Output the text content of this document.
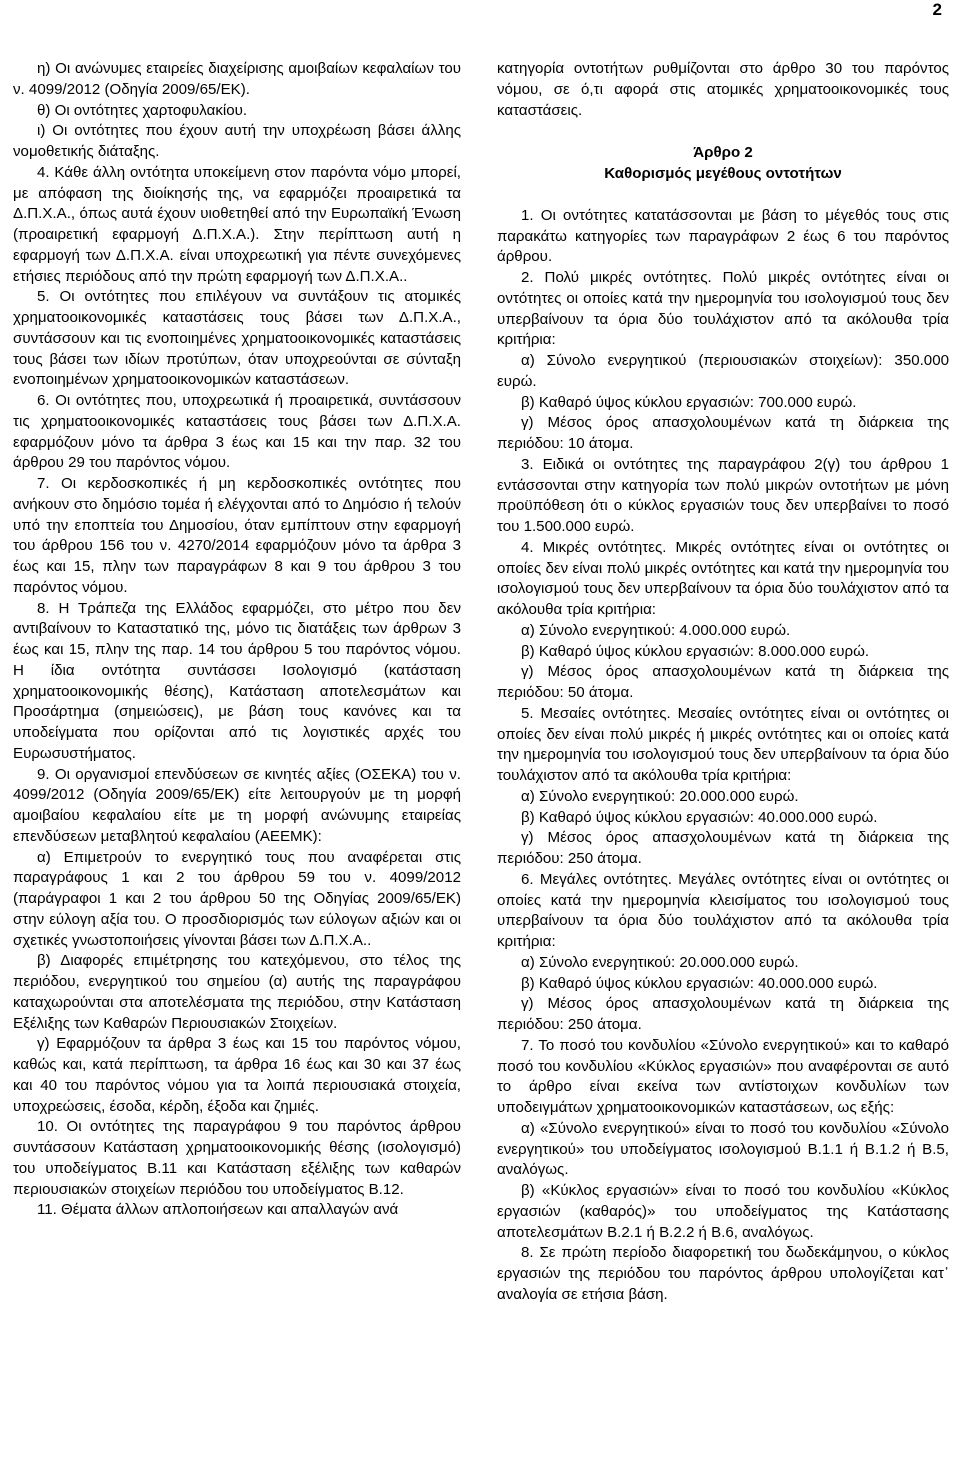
2

η) Οι ανώνυμες εταιρείες διαχείρισης αμοιβαίων κεφαλαίων του ν. 4099/2012 (Οδηγία 2009/65/ΕΚ).

θ) Οι οντότητες χαρτοφυλακίου.

ι) Οι οντότητες που έχουν αυτή την υποχρέωση βάσει άλλης νομοθετικής διάταξης.

4. Κάθε άλλη οντότητα υποκείμενη στον παρόντα νόμο μπορεί, με απόφαση της διοίκησής της, να εφαρμόζει προαιρετικά τα Δ.Π.Χ.Α., όπως αυτά έχουν υιοθετηθεί από την Ευρωπαϊκή Ένωση (προαιρετική εφαρμογή Δ.Π.Χ.Α.). Στην περίπτωση αυτή η εφαρμογή των Δ.Π.Χ.Α. είναι υποχρεωτική για πέντε συνεχόμενες ετήσιες περιόδους από την πρώτη εφαρμογή των Δ.Π.Χ.Α..

5. Οι οντότητες που επιλέγουν να συντάξουν τις ατομικές χρηματοοικονομικές καταστάσεις τους βάσει των Δ.Π.Χ.Α., συντάσσουν και τις ενοποιημένες χρηματοοικονομικές καταστάσεις τους βάσει των ιδίων προτύπων, όταν υποχρεούνται σε σύνταξη ενοποιημένων χρηματοοικονομικών καταστάσεων.

6. Οι οντότητες που, υποχρεωτικά ή προαιρετικά, συντάσσουν τις χρηματοοικονομικές καταστάσεις τους βάσει των Δ.Π.Χ.Α. εφαρμόζουν μόνο τα άρθρα 3 έως και 15 και την παρ. 32 του άρθρου 29 του παρόντος νόμου.

7. Οι κερδοσκοπικές ή μη κερδοσκοπικές οντότητες που ανήκουν στο δημόσιο τομέα ή ελέγχονται από το Δημόσιο ή τελούν υπό την εποπτεία του Δημοσίου, όταν εμπίπτουν στην εφαρμογή του άρθρου 156 του ν. 4270/2014 εφαρμόζουν μόνο τα άρθρα 3 έως και 15, πλην των παραγράφων 8 και 9 του άρθρου 3 του παρόντος νόμου.

8. Η Τράπεζα της Ελλάδος εφαρμόζει, στο μέτρο που δεν αντιβαίνουν το Καταστατικό της, μόνο τις διατάξεις των άρθρων 3 έως και 15, πλην της παρ. 14 του άρθρου 5 του παρόντος νόμου. Η ίδια οντότητα συντάσσει Ισολογισμό (κατάσταση χρηματοοικονομικής θέσης), Κατάσταση αποτελεσμάτων και Προσάρτημα (σημειώσεις), με βάση τους κανόνες και τα υποδείγματα που ορίζονται από τις λογιστικές αρχές του Ευρωσυστήματος.

9. Οι οργανισμοί επενδύσεων σε κινητές αξίες (ΟΣΕΚΑ) του ν. 4099/2012 (Οδηγία 2009/65/ΕΚ) είτε λειτουργούν με τη μορφή αμοιβαίου κεφαλαίου είτε με τη μορφή ανώνυμης εταιρείας επενδύσεων μεταβλητού κεφαλαίου (ΑΕΕΜΚ):

α) Επιμετρούν το ενεργητικό τους που αναφέρεται στις παραγράφους 1 και 2 του άρθρου 59 του ν. 4099/2012 (παράγραφοι 1 και 2 του άρθρου 50 της Οδηγίας 2009/65/ΕΚ) στην εύλογη αξία του. Ο προσδιορισμός των εύλογων αξιών και οι σχετικές γνωστοποιήσεις γίνονται βάσει των Δ.Π.Χ.Α..

β) Διαφορές επιμέτρησης του κατεχόμενου, στο τέλος της περιόδου, ενεργητικού του σημείου (α) αυτής της παραγράφου καταχωρούνται στα αποτελέσματα της περιόδου, στην Κατάσταση Εξέλιξης των Καθαρών Περιουσιακών Στοιχείων.

γ) Εφαρμόζουν τα άρθρα 3 έως και 15 του παρόντος νόμου, καθώς και, κατά περίπτωση, τα άρθρα 16 έως και 30 και 37 έως και 40 του παρόντος νόμου για τα λοιπά περιουσιακά στοιχεία, υποχρεώσεις, έσοδα, κέρδη, έξοδα και ζημιές.

10. Οι οντότητες της παραγράφου 9 του παρόντος άρθρου συντάσσουν Κατάσταση χρηματοοικονομικής θέσης (ισολογισμό) του υποδείγματος Β.11 και Κατάσταση εξέλιξης των καθαρών περιουσιακών στοιχείων περιόδου του υποδείγματος Β.12.

11. Θέματα άλλων απλοποιήσεων και απαλλαγών ανά

κατηγορία οντοτήτων ρυθμίζονται στο άρθρο 30 του παρόντος νόμου, σε ό,τι αφορά στις ατομικές χρηματοοικονομικές τους καταστάσεις.

Άρθρο 2

Καθορισμός μεγέθους οντοτήτων

1. Οι οντότητες κατατάσσονται με βάση το μέγεθός τους στις παρακάτω κατηγορίες των παραγράφων 2 έως 6 του παρόντος άρθρου.

2. Πολύ μικρές οντότητες. Πολύ μικρές οντότητες είναι οι οντότητες οι οποίες κατά την ημερομηνία του ισολογισμού τους δεν υπερβαίνουν τα όρια δύο τουλάχιστον από τα ακόλουθα τρία κριτήρια:

α) Σύνολο ενεργητικού (περιουσιακών στοιχείων): 350.000 ευρώ.

β) Καθαρό ύψος κύκλου εργασιών: 700.000 ευρώ.

γ) Μέσος όρος απασχολουμένων κατά τη διάρκεια της περιόδου: 10 άτομα.

3. Ειδικά οι οντότητες της παραγράφου 2(γ) του άρθρου 1 εντάσσονται στην κατηγορία των πολύ μικρών οντοτήτων με μόνη προϋπόθεση ότι ο κύκλος εργασιών τους δεν υπερβαίνει το ποσό του 1.500.000 ευρώ.

4. Μικρές οντότητες. Μικρές οντότητες είναι οι οντότητες οι οποίες δεν είναι πολύ μικρές οντότητες και κατά την ημερομηνία του ισολογισμού τους δεν υπερβαίνουν τα όρια δύο τουλάχιστον από τα ακόλουθα τρία κριτήρια:

α) Σύνολο ενεργητικού: 4.000.000 ευρώ.

β) Καθαρό ύψος κύκλου εργασιών: 8.000.000 ευρώ.

γ) Μέσος όρος απασχολουμένων κατά τη διάρκεια της περιόδου: 50 άτομα.

5. Μεσαίες οντότητες. Μεσαίες οντότητες είναι οι οντότητες οι οποίες δεν είναι πολύ μικρές ή μικρές οντότητες και οι οποίες κατά την ημερομηνία του ισολογισμού τους δεν υπερβαίνουν τα όρια δύο τουλάχιστον από τα ακόλουθα τρία κριτήρια:

α) Σύνολο ενεργητικού: 20.000.000 ευρώ.

β) Καθαρό ύψος κύκλου εργασιών: 40.000.000 ευρώ.

γ) Μέσος όρος απασχολουμένων κατά τη διάρκεια της περιόδου: 250 άτομα.

6. Μεγάλες οντότητες. Μεγάλες οντότητες είναι οι οντότητες οι οποίες κατά την ημερομηνία κλεισίματος του ισολογισμού τους υπερβαίνουν τα όρια δύο τουλάχιστον από τα ακόλουθα τρία κριτήρια:

α) Σύνολο ενεργητικού: 20.000.000 ευρώ.

β) Καθαρό ύψος κύκλου εργασιών: 40.000.000 ευρώ.

γ) Μέσος όρος απασχολουμένων κατά τη διάρκεια της περιόδου: 250 άτομα.

7. Το ποσό του κονδυλίου «Σύνολο ενεργητικού» και το καθαρό ποσό του κονδυλίου «Κύκλος εργασιών» που αναφέρονται σε αυτό το άρθρο είναι εκείνα των αντίστοιχων κονδυλίων των υποδειγμάτων χρηματοοικονομικών καταστάσεων, ως εξής:

α) «Σύνολο ενεργητικού» είναι το ποσό του κονδυλίου «Σύνολο ενεργητικού» του υποδείγματος ισολογισμού Β.1.1 ή Β.1.2 ή Β.5, αναλόγως.

β) «Κύκλος εργασιών» είναι το ποσό του κονδυλίου «Κύκλος εργασιών (καθαρός)» του υποδείγματος της Κατάστασης αποτελεσμάτων Β.2.1 ή Β.2.2 ή Β.6, αναλόγως.

8. Σε πρώτη περίοδο διαφορετική του δωδεκάμηνου, ο κύκλος εργασιών της περιόδου του παρόντος άρθρου υπολογίζεται κατ᾽ αναλογία σε ετήσια βάση.
